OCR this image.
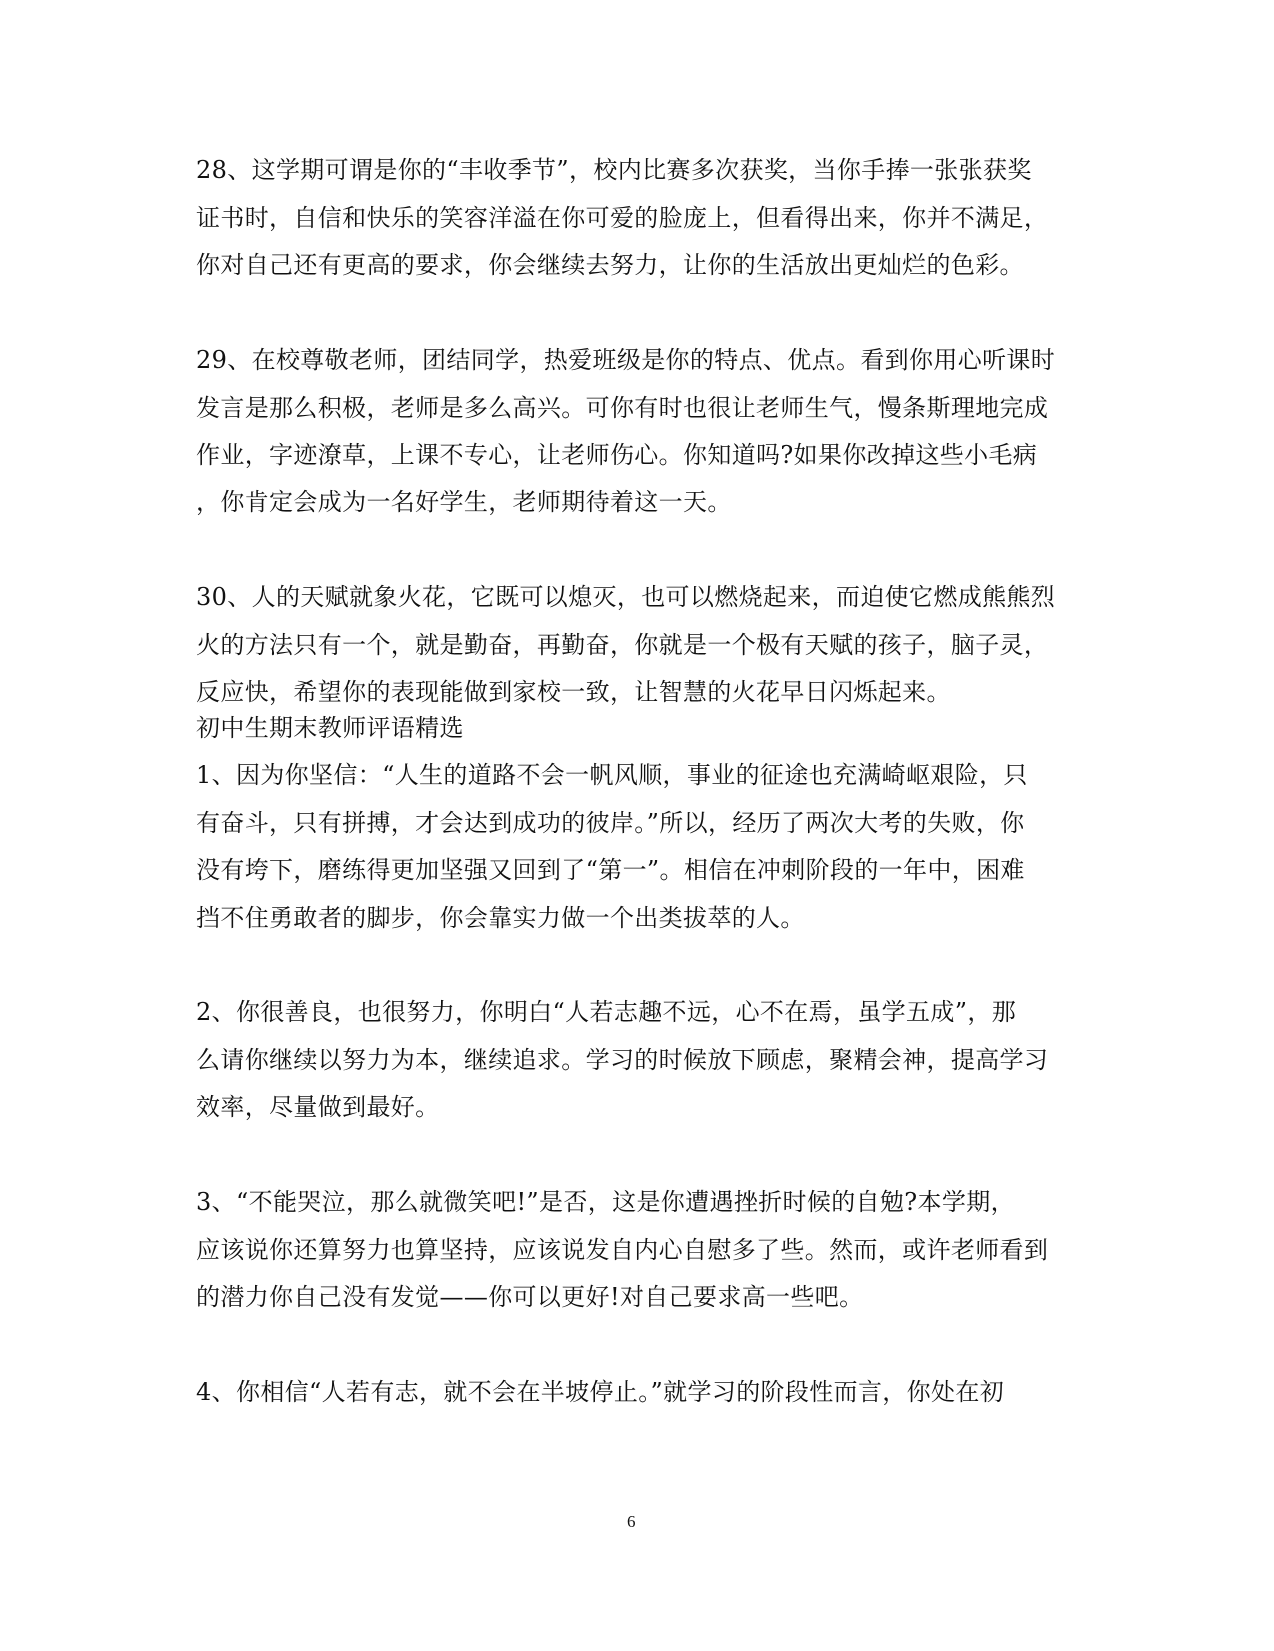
28、这学期可谓是你的“丰收季节”，校内比赛多次获奖，当你手捧一张张获奖
证书时，自信和快乐的笑容洋溢在你可爱的脸庞上，但看得出来，你并不满足，
你对自己还有更高的要求，你会继续去努力，让你的生活放出更灿烂的色彩。
29、在校尊敬老师，团结同学，热爱班级是你的特点、优点。看到你用心听课时
发言是那么积极，老师是多么高兴。可你有时也很让老师生气，慢条斯理地完成
作业，字迹潦草，上课不专心，让老师伤心。你知道吗?如果你改掉这些小毛病
，你肯定会成为一名好学生，老师期待着这一天。
30、人的天赋就象火花，它既可以熄灭，也可以燃烧起来，而迫使它燃成熊熊烈
火的方法只有一个，就是勤奋，再勤奋，你就是一个极有天赋的孩子，脑子灵，
反应快，希望你的表现能做到家校一致，让智慧的火花早日闪烁起来。
初中生期末教师评语精选
1、因为你坚信：“人生的道路不会一帆风顺，事业的征途也充满崎岖艰险，只
有奋斗，只有拼搏，才会达到成功的彼岸。”所以，经历了两次大考的失败，你
没有垮下，磨练得更加坚强又回到了“第一”。相信在冲刺阶段的一年中，困难
挡不住勇敢者的脚步，你会靠实力做一个出类拔萃的人。
2、你很善良，也很努力，你明白“人若志趣不远，心不在焉，虽学五成”，那
么请你继续以努力为本，继续追求。学习的时候放下顾虑，聚精会神，提高学习
效率，尽量做到最好。
3、“不能哭泣，那么就微笑吧!”是否，这是你遭遇挫折时候的自勉?本学期，
应该说你还算努力也算坚持，应该说发自内心自慰多了些。然而，或许老师看到
的潜力你自己没有发觉——你可以更好!对自己要求高一些吧。
4、你相信“人若有志，就不会在半坡停止。”就学习的阶段性而言，你处在初
6
